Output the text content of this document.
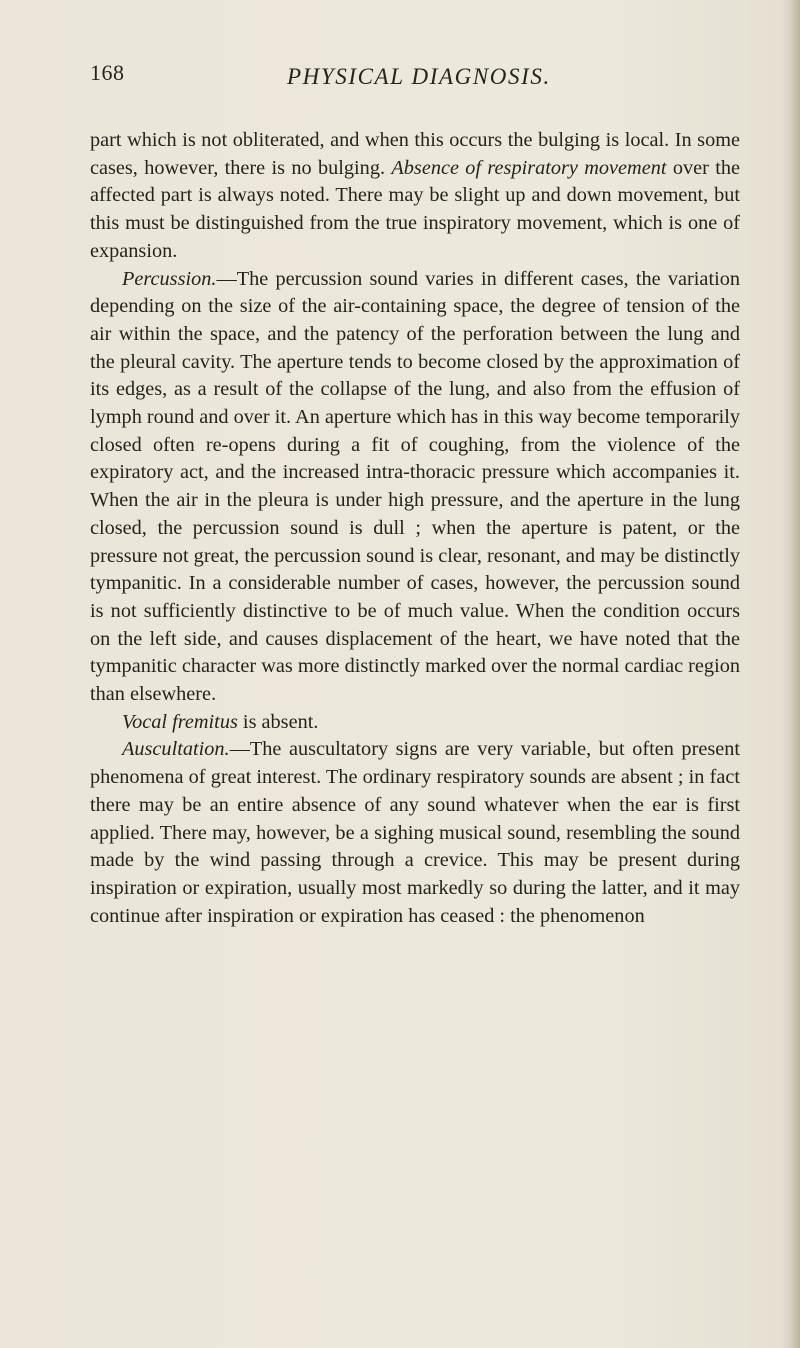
168	PHYSICAL DIAGNOSIS.

part which is not obliterated, and when this occurs the bulging is local. In some cases, however, there is no bulging. Absence of respiratory movement over the affected part is always noted. There may be slight up and down movement, but this must be distinguished from the true inspiratory movement, which is one of expansion.

Percussion.—The percussion sound varies in different cases, the variation depending on the size of the air-containing space, the degree of tension of the air within the space, and the patency of the perforation between the lung and the pleural cavity. The aperture tends to become closed by the approximation of its edges, as a result of the collapse of the lung, and also from the effusion of lymph round and over it. An aperture which has in this way become temporarily closed often re-opens during a fit of coughing, from the violence of the expiratory act, and the increased intra-thoracic pressure which accompanies it. When the air in the pleura is under high pressure, and the aperture in the lung closed, the percussion sound is dull ; when the aperture is patent, or the pressure not great, the percussion sound is clear, resonant, and may be distinctly tympanitic. In a considerable number of cases, however, the percussion sound is not sufficiently distinctive to be of much value. When the condition occurs on the left side, and causes displacement of the heart, we have noted that the tympanitic character was more distinctly marked over the normal cardiac region than elsewhere.

Vocal fremitus is absent.

Auscultation.—The auscultatory signs are very variable, but often present phenomena of great interest. The ordinary respiratory sounds are absent ; in fact there may be an entire absence of any sound whatever when the ear is first applied. There may, however, be a sighing musical sound, resembling the sound made by the wind passing through a crevice. This may be present during inspiration or expiration, usually most markedly so during the latter, and it may continue after inspiration or expiration has ceased : the phenomenon
